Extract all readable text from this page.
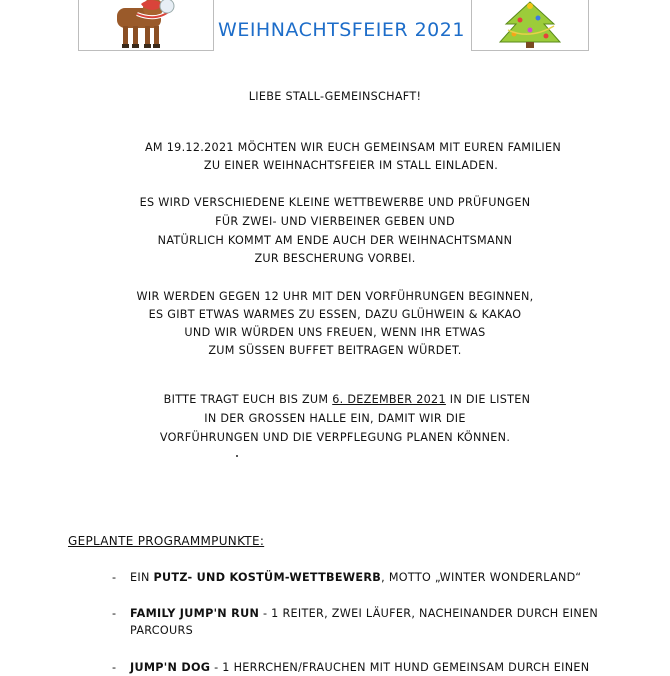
WEIHNACHTSFEIER 2021
LIEBE STALL-GEMEINSCHAFT!
AM 19.12.2021 MÖCHTEN WIR EUCH GEMEINSAM MIT EUREN FAMILIEN
ZU EINER WEIHNACHTSFEIER IM STALL EINLADEN.
ES WIRD VERSCHIEDENE KLEINE WETTBEWERBE UND PRÜFUNGEN
FÜR ZWEI- UND VIERBEINER GEBEN UND
NATÜRLICH KOMMT AM ENDE AUCH DER WEIHNACHTSMANN
ZUR BESCHERUNG VORBEI.
WIR WERDEN GEGEN 12 UHR MIT DEN VORFÜHRUNGEN BEGINNEN,
ES GIBT ETWAS WARMES ZU ESSEN, DAZU GLÜHWEIN & KAKAO
UND WIR WÜRDEN UNS FREUEN, WENN IHR ETWAS
ZUM SÜSSEN BUFFET BEITRAGEN WÜRDET.
BITTE TRAGT EUCH BIS ZUM 6. DEZEMBER 2021 IN DIE LISTEN
IN DER GROSSEN HALLE EIN, DAMIT WIR DIE
VORFÜHRUNGEN UND DIE VERPFLEGUNG PLANEN KÖNNEN.
GEPLANTE PROGRAMMPUNKTE:
- EIN PUTZ- UND KOSTÜM-WETTBEWERB, MOTTO „WINTER WONDERLAND“
- FAMILY JUMP'N RUN - 1 REITER, ZWEI LÄUFER, NACHEINANDER DURCH EINEN PARCOURS
- JUMP'N DOG - 1 HERRCHEN/FRAUCHEN MIT HUND GEMEINSAM DURCH EINEN
